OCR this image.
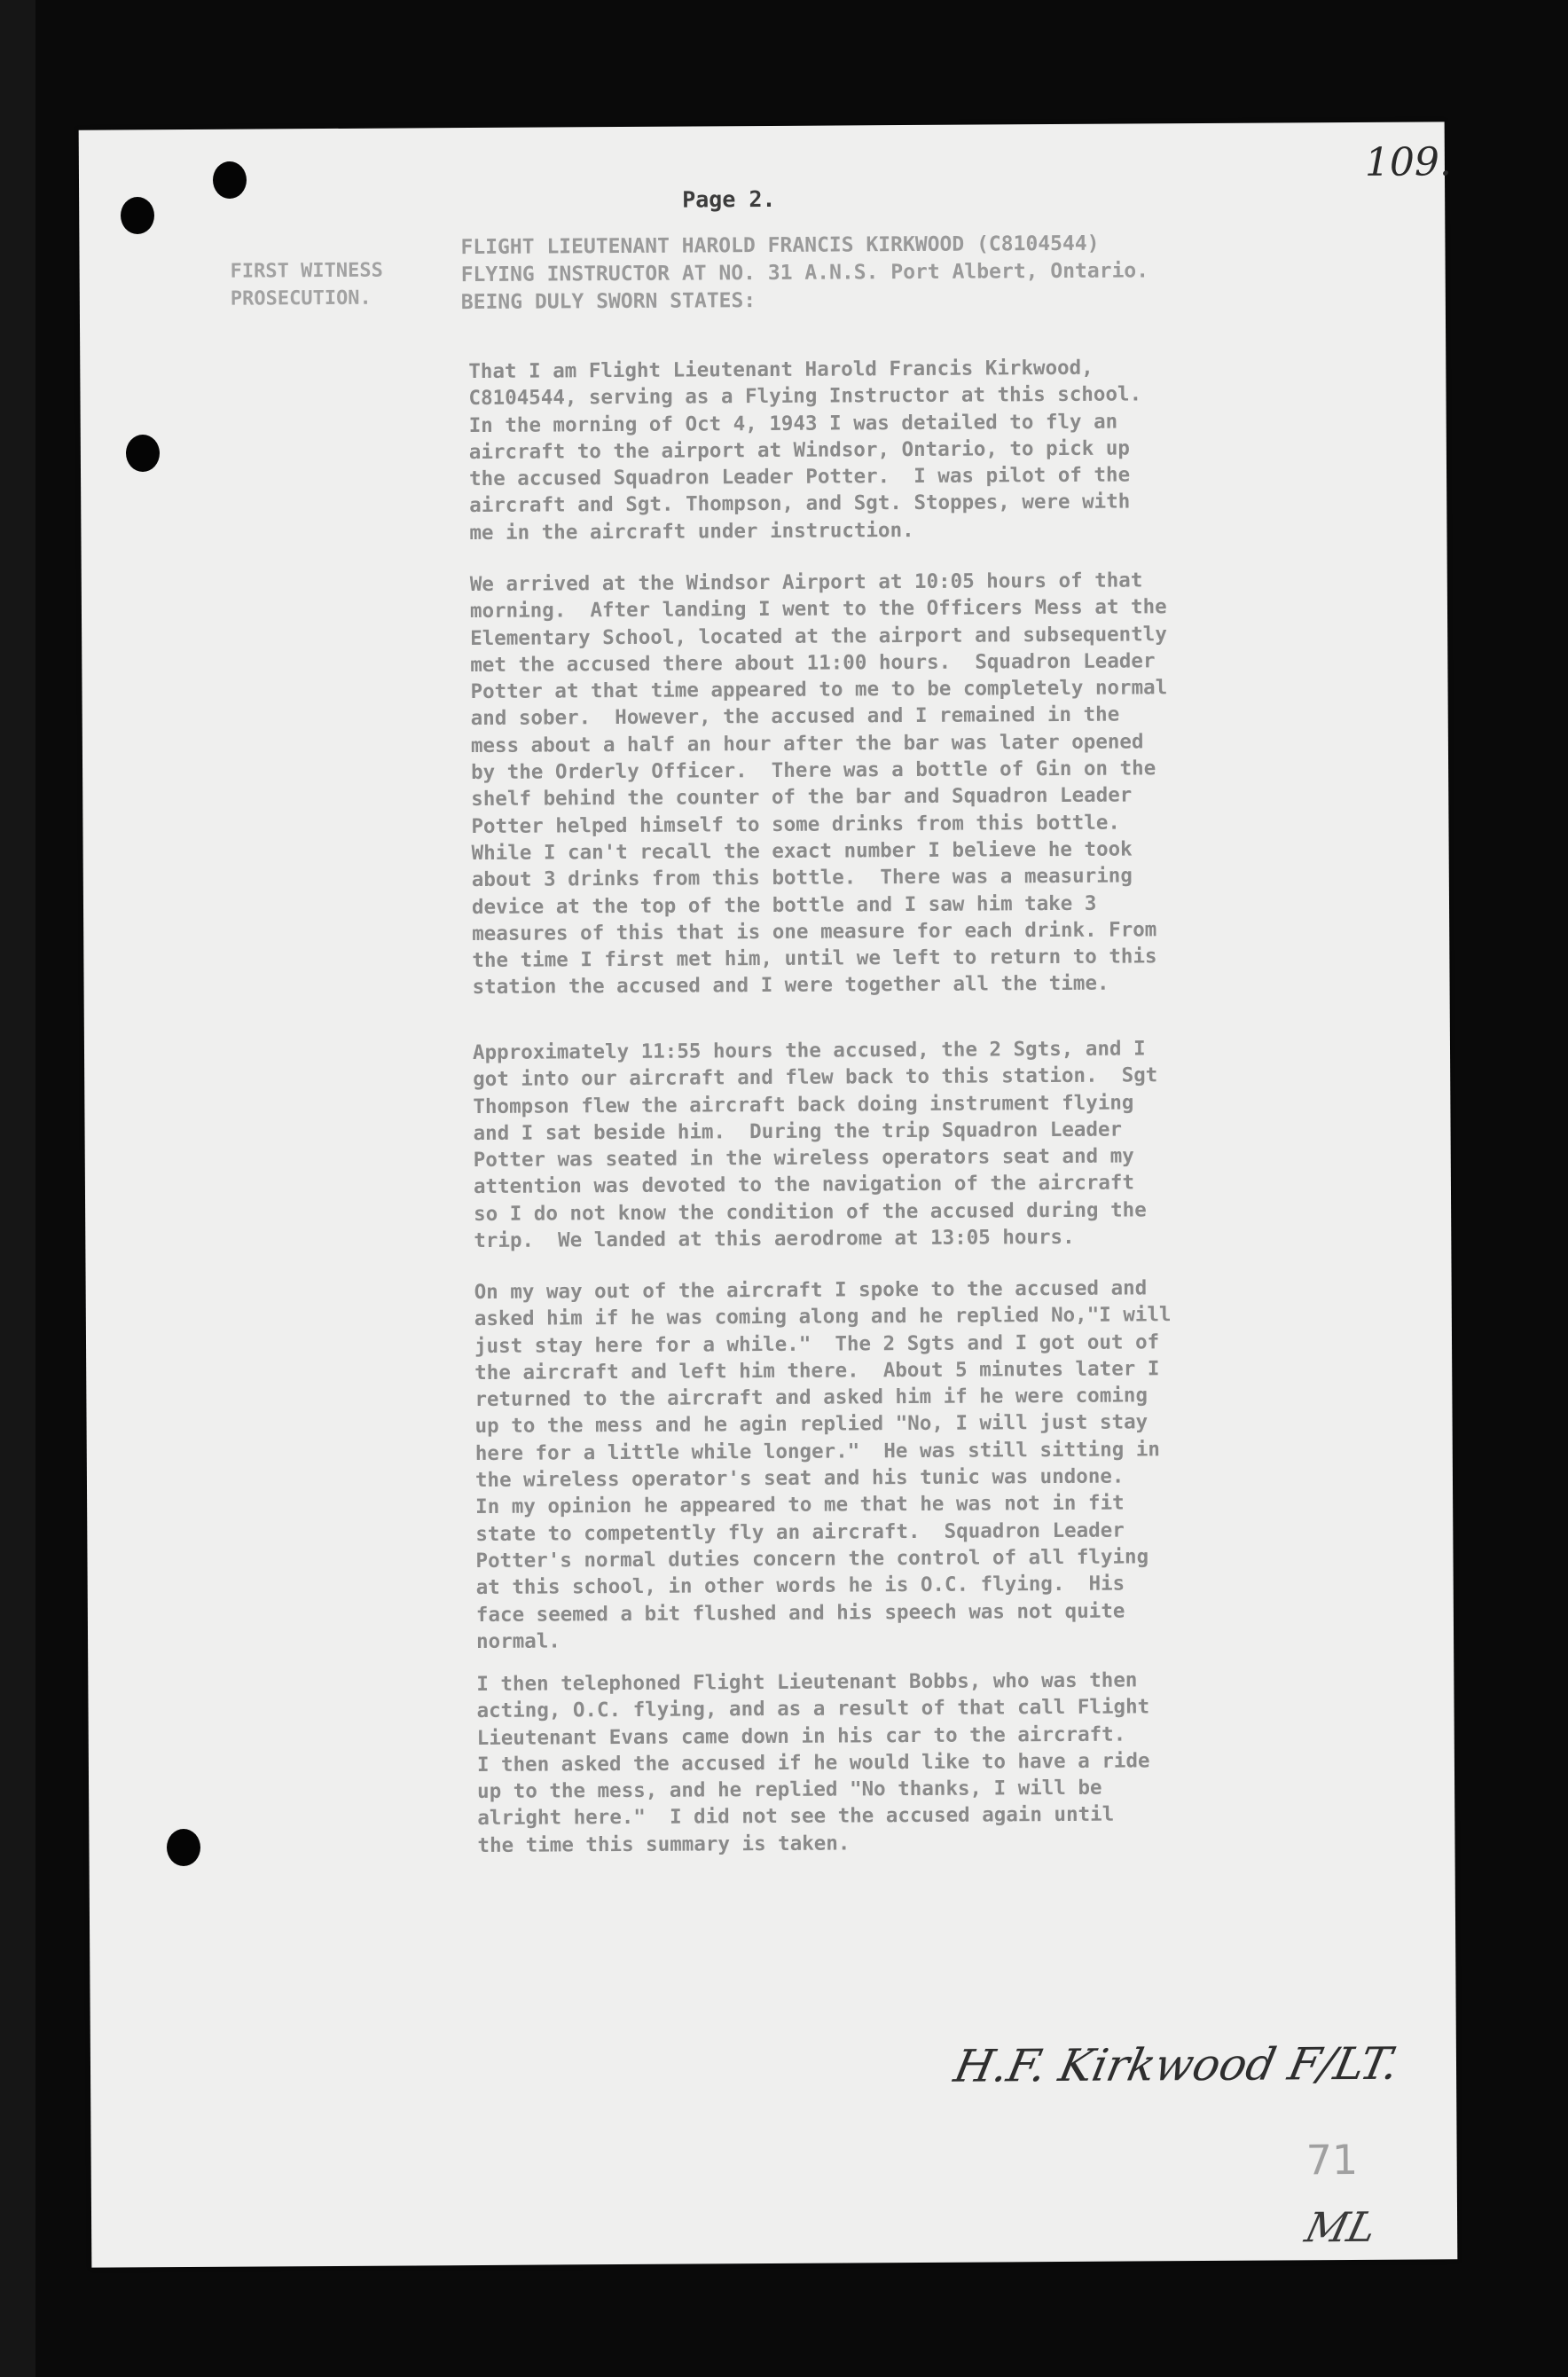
109.
Page 2.
FIRST WITNESS
PROSECUTION.
FLIGHT LIEUTENANT HAROLD FRANCIS KIRKWOOD (C8104544)
FLYING INSTRUCTOR AT NO. 31 A.N.S. Port Albert, Ontario.
BEING DULY SWORN STATES:

That I am Flight Lieutenant Harold Francis Kirkwood,
C8104544, serving as a Flying Instructor at this school.
In the morning of Oct 4, 1943 I was detailed to fly an
aircraft to the airport at Windsor, Ontario, to pick up
the accused Squadron Leader Potter.  I was pilot of the
aircraft and Sgt. Thompson, and Sgt. Stoppes, were with
me in the aircraft under instruction.

We arrived at the Windsor Airport at 10:05 hours of that
morning.  After landing I went to the Officers Mess at the
Elementary School, located at the airport and subsequently
met the accused there about 11:00 hours.  Squadron Leader
Potter at that time appeared to me to be completely normal
and sober.  However, the accused and I remained in the
mess about a half an hour after the bar was later opened
by the Orderly Officer.  There was a bottle of Gin on the
shelf behind the counter of the bar and Squadron Leader
Potter helped himself to some drinks from this bottle.
While I can't recall the exact number I believe he took
about 3 drinks from this bottle.  There was a measuring
device at the top of the bottle and I saw him take 3
measures of this that is one measure for each drink. From
the time I first met him, until we left to return to this
station the accused and I were together all the time.

Approximately 11:55 hours the accused, the 2 Sgts, and I
got into our aircraft and flew back to this station.  Sgt
Thompson flew the aircraft back doing instrument flying
and I sat beside him.  During the trip Squadron Leader
Potter was seated in the wireless operators seat and my
attention was devoted to the navigation of the aircraft
so I do not know the condition of the accused during the
trip.  We landed at this aerodrome at 13:05 hours.

On my way out of the aircraft I spoke to the accused and
asked him if he was coming along and he replied No,"I will
just stay here for a while."  The 2 Sgts and I got out of
the aircraft and left him there.  About 5 minutes later I
returned to the aircraft and asked him if he were coming
up to the mess and he agin replied "No, I will just stay
here for a little while longer."  He was still sitting in
the wireless operator's seat and his tunic was undone.
In my opinion he appeared to me that he was not in fit
state to competently fly an aircraft.  Squadron Leader
Potter's normal duties concern the control of all flying
at this school, in other words he is O.C. flying.  His
face seemed a bit flushed and his speech was not quite
normal.

I then telephoned Flight Lieutenant Bobbs, who was then
acting, O.C. flying, and as a result of that call Flight
Lieutenant Evans came down in his car to the aircraft.
I then asked the accused if he would like to have a ride
up to the mess, and he replied "No thanks, I will be
alright here."  I did not see the accused again until
the time this summary is taken.

H.F. Kirkwood F/LT.
71
ML
